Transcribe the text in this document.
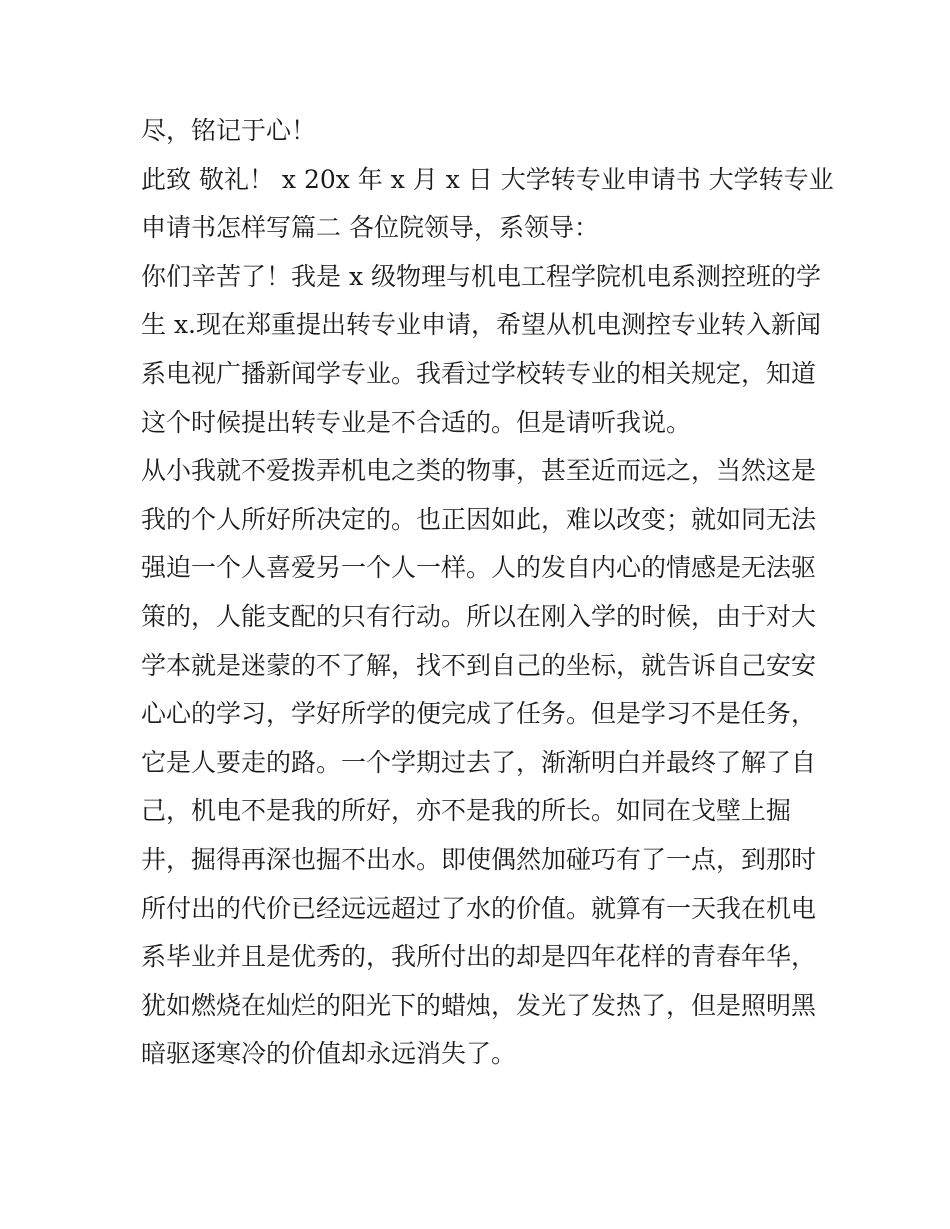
尽，铭记于心！
此致 敬礼！ x 20x 年 x 月 x 日 大学转专业申请书 大学转专业
申请书怎样写篇二 各位院领导，系领导：
你们辛苦了！我是 x 级物理与机电工程学院机电系测控班的学
生 x.现在郑重提出转专业申请，希望从机电测控专业转入新闻
系电视广播新闻学专业。我看过学校转专业的相关规定，知道
这个时候提出转专业是不合适的。但是请听我说。
从小我就不爱拨弄机电之类的物事，甚至近而远之，当然这是
我的个人所好所决定的。也正因如此，难以改变；就如同无法
强迫一个人喜爱另一个人一样。人的发自内心的情感是无法驱
策的，人能支配的只有行动。所以在刚入学的时候，由于对大
学本就是迷蒙的不了解，找不到自己的坐标，就告诉自己安安
心心的学习，学好所学的便完成了任务。但是学习不是任务，
它是人要走的路。一个学期过去了，渐渐明白并最终了解了自
己，机电不是我的所好，亦不是我的所长。如同在戈壁上掘
井，掘得再深也掘不出水。即使偶然加碰巧有了一点，到那时
所付出的代价已经远远超过了水的价值。就算有一天我在机电
系毕业并且是优秀的，我所付出的却是四年花样的青春年华，
犹如燃烧在灿烂的阳光下的蜡烛，发光了发热了，但是照明黑
暗驱逐寒冷的价值却永远消失了。
